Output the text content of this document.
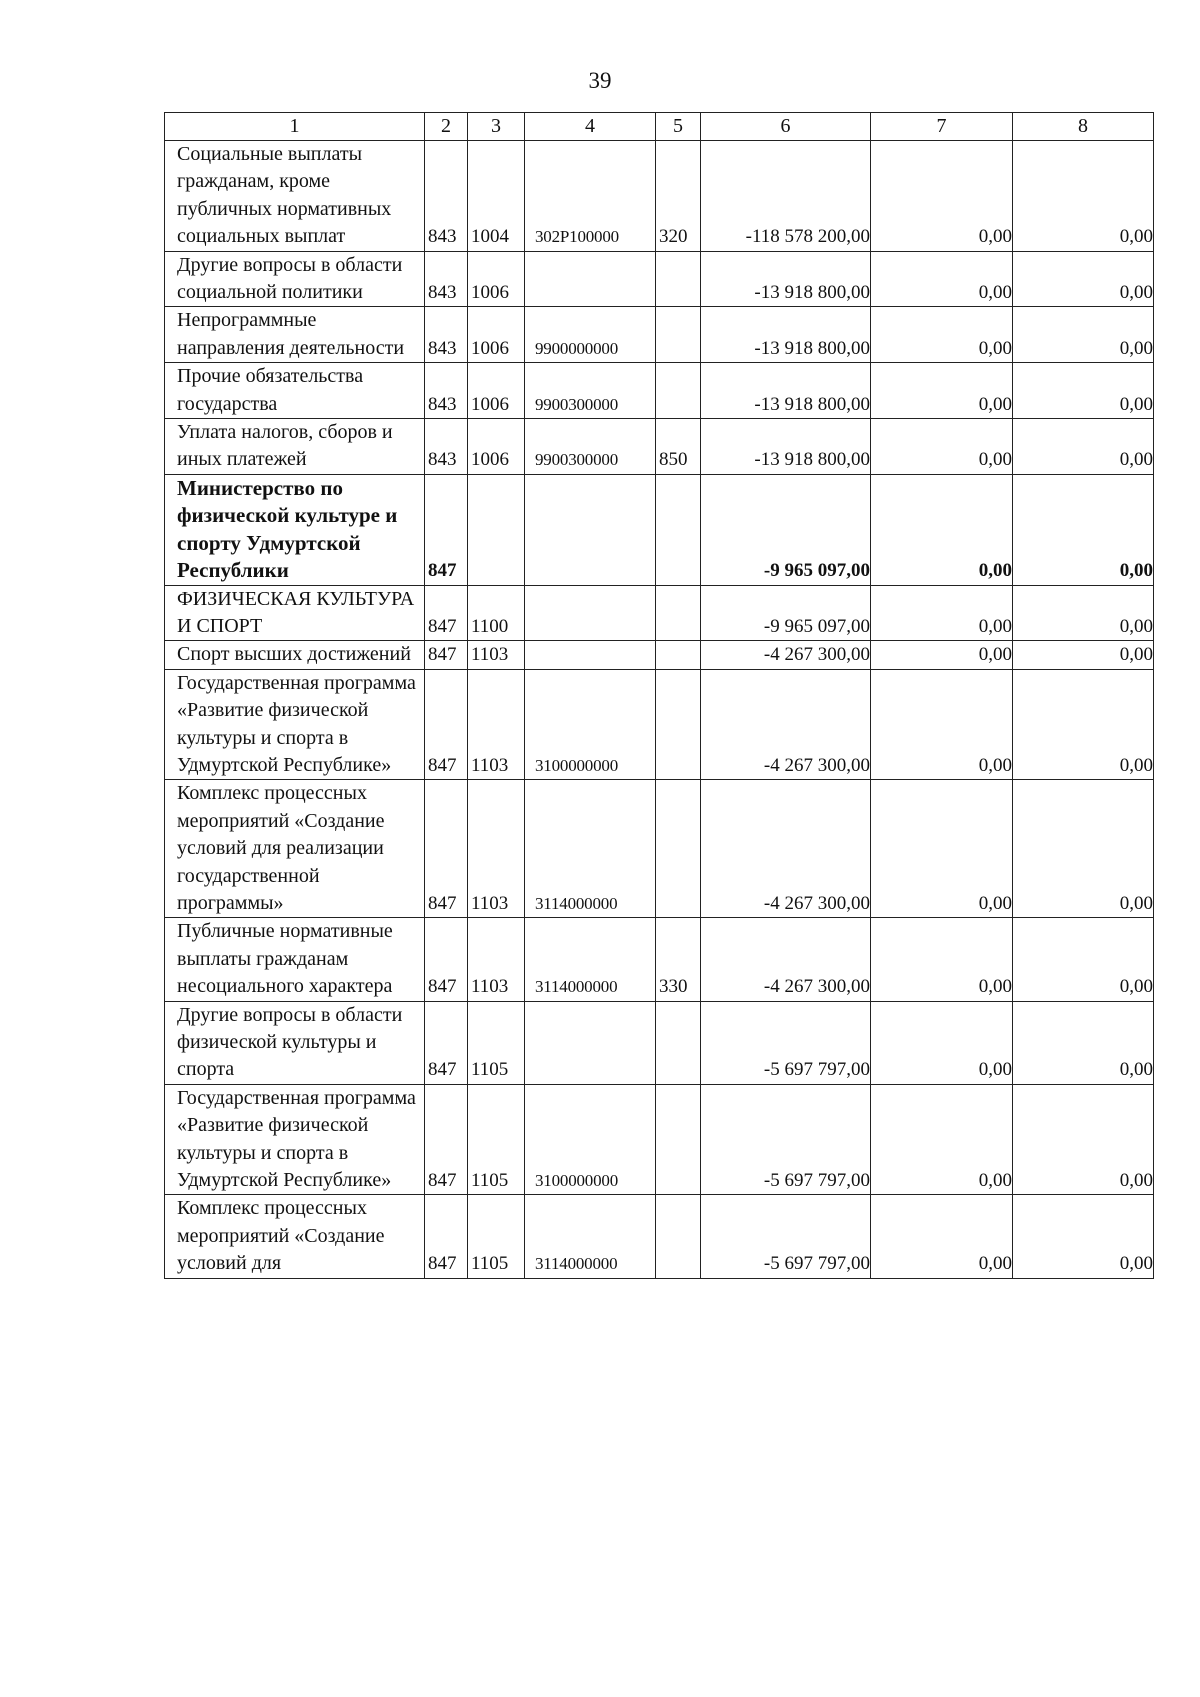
39
1	2	3	4	5	6	7	8
Социальные выплаты гражданам, кроме публичных нормативных социальных выплат	843	1004	302P100000	320	-118 578 200,00	0,00	0,00
Другие вопросы в области социальной политики	843	1006			-13 918 800,00	0,00	0,00
Непрограммные направления деятельности	843	1006	9900000000		-13 918 800,00	0,00	0,00
Прочие обязательства государства	843	1006	9900300000		-13 918 800,00	0,00	0,00
Уплата налогов, сборов и иных платежей	843	1006	9900300000	850	-13 918 800,00	0,00	0,00
Министерство по физической культуре и спорту Удмуртской Республики	847				-9 965 097,00	0,00	0,00
ФИЗИЧЕСКАЯ КУЛЬТУРА И СПОРТ	847	1100			-9 965 097,00	0,00	0,00
Спорт высших достижений	847	1103			-4 267 300,00	0,00	0,00
Государственная программа «Развитие физической культуры и спорта в Удмуртской Республике»	847	1103	3100000000		-4 267 300,00	0,00	0,00
Комплекс процессных мероприятий «Создание условий для реализации государственной программы»	847	1103	3114000000		-4 267 300,00	0,00	0,00
Публичные нормативные выплаты гражданам несоциального характера	847	1103	3114000000	330	-4 267 300,00	0,00	0,00
Другие вопросы в области физической культуры и спорта	847	1105			-5 697 797,00	0,00	0,00
Государственная программа «Развитие физической культуры и спорта в Удмуртской Республике»	847	1105	3100000000		-5 697 797,00	0,00	0,00
Комплекс процессных мероприятий «Создание условий для	847	1105	3114000000		-5 697 797,00	0,00	0,00
